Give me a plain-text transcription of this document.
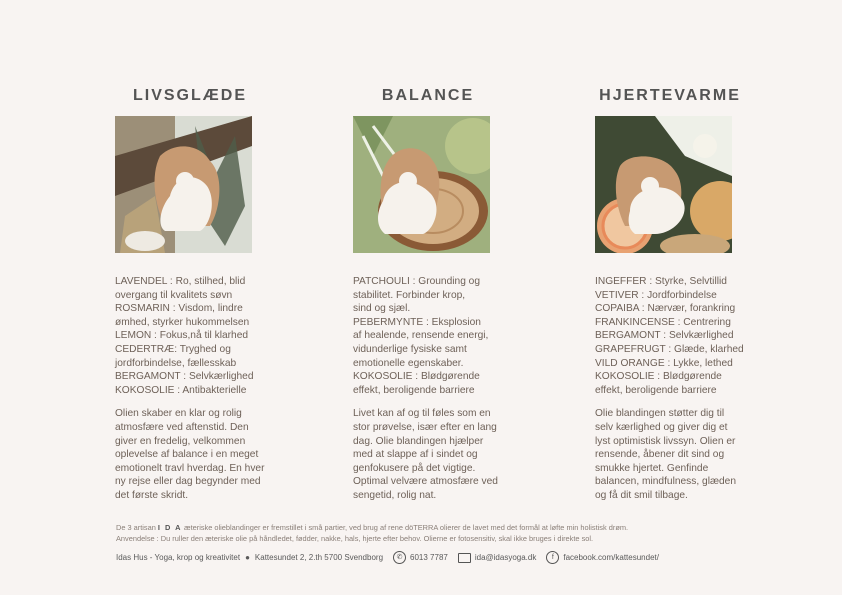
LIVSGLÆDE
LAVENDEL : Ro, stilhed, blid
overgang til kvalitets søvn
ROSMARIN : Visdom, lindre
ømhed, styrker hukommelsen
LEMON : Fokus,nå til klarhed
CEDERTRÆ: Tryghed og
jordforbindelse, fællesskab
BERGAMONT : Selvkærlighed
KOKOSOLIE : Antibakterielle
Olien skaber en klar og rolig atmosfære ved aftenstid. Den giver en fredelig, velkommen oplevelse af balance i en meget emotionelt travl hverdag. En hver ny rejse eller dag begynder med det første skridt.
BALANCE
PATCHOULI : Grounding og
stabilitet. Forbinder krop,
sind og sjæl.
PEBERMYNTE : Eksplosion
af healende, rensende energi,
vidunderlige fysiske samt
emotionelle egenskaber.
KOKOSOLIE : Blødgørende
effekt, beroligende barriere
Livet kan af og til føles som en stor prøvelse, især efter en lang dag. Olie blandingen hjælper med at slappe af i sindet og genfokusere på det vigtige. Optimal velvære atmosfære ved sengetid, rolig nat.
HJERTEVARME
INGEFFER : Styrke, Selvtillid
VETIVER : Jordforbindelse
COPAIBA : Nærvær, forankring
FRANKINCENSE : Centrering
BERGAMONT : Selvkærlighed
GRAPEFRUGT : Glæde, klarhed
VILD ORANGE : Lykke, lethed
KOKOSOLIE : Blødgørende
effekt, beroligende barriere
Olie blandingen støtter dig til selv kærlighed og giver dig et lyst optimistisk livssyn. Olien er rensende, åbener dit sind og smukke hjertet. Genfinde balancen, mindfulness, glæden og få dit smil tilbage.
De 3 artisan I D A æteriske olieblandinger er fremstillet i små partier, ved brug af rene döTERRA olierer de lavet med det formål at løfte min holistisk drøm.
Anvendelse : Du ruller den æteriske olie på håndledet, fødder, nakke, hals, hjerte efter behov. Olierne er fotosensitiv, skal ikke bruges i direkte sol.
Idas Hus - Yoga, krop og kreativitet ● Kattesundet 2, 2.th 5700 Svendborg	✆ 6013 7787	ida@idasyoga.dk	f	facebook.com/kattesundet/
